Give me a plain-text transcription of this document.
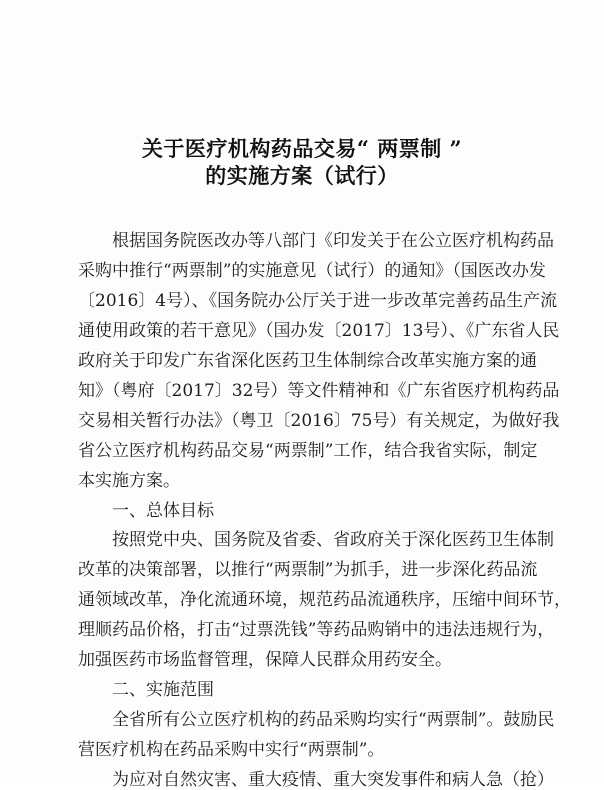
关于医疗机构药品交易“ 两票制 ”
的实施方案（试行）
根据国务院医改办等八部门《印发关于在公立医疗机构药品
采购中推行“两票制”的实施意见（试行）的通知》（国医改办发
〔2016〕4号）、《国务院办公厅关于进一步改革完善药品生产流
通使用政策的若干意见》（国办发〔2017〕13号）、《广东省人民
政府关于印发广东省深化医药卫生体制综合改革实施方案的通
知》（粤府〔2017〕32号）等文件精神和《广东省医疗机构药品
交易相关暂行办法》（粤卫〔2016〕75号）有关规定，为做好我
省公立医疗机构药品交易“两票制”工作，结合我省实际，制定
本实施方案。
一、总体目标
按照党中央、国务院及省委、省政府关于深化医药卫生体制
改革的决策部署，以推行“两票制”为抓手，进一步深化药品流
通领域改革，净化流通环境，规范药品流通秩序，压缩中间环节，
理顺药品价格，打击“过票洗钱”等药品购销中的违法违规行为，
加强医药市场监督管理，保障人民群众用药安全。
二、实施范围
全省所有公立医疗机构的药品采购均实行“两票制”。鼓励民
营医疗机构在药品采购中实行“两票制”。
为应对自然灾害、重大疫情、重大突发事件和病人急（抢）
